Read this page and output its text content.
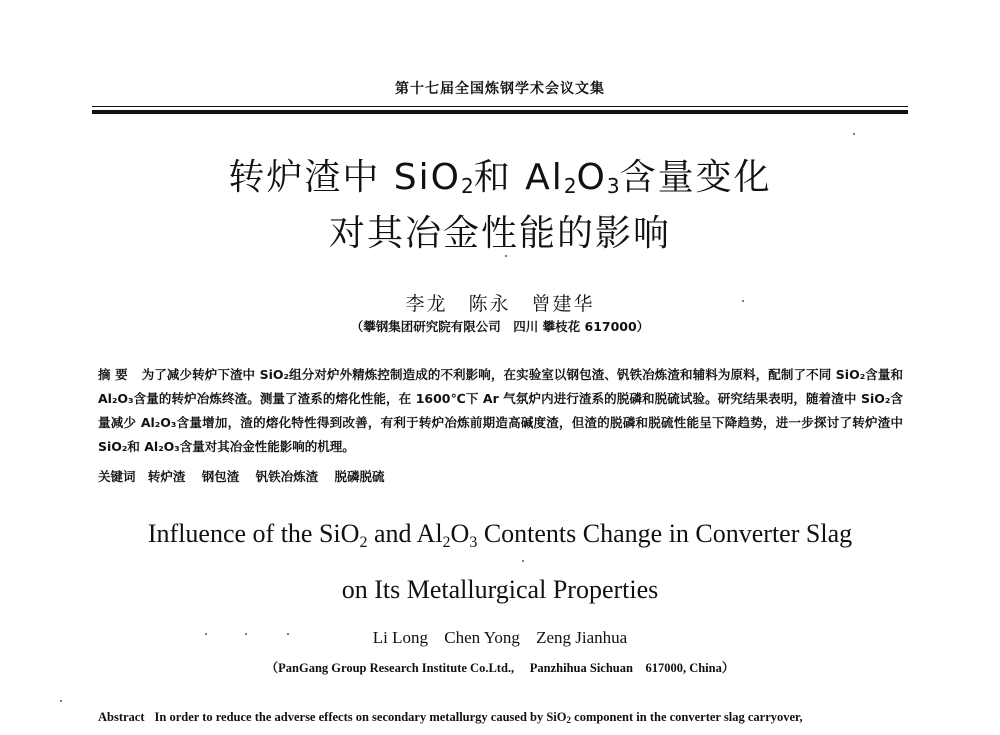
第十七届全国炼钢学术会议文集
转炉渣中 SiO$_2$和 $Al_2O_3$含量变化
对其冶金性能的影响
李龙　陈永　曾建华
（攀钢集团研究院有限公司　四川 攀枝花 617000）
摘 要 为了减少转炉下渣中 SiO₂组分对炉外精炼控制造成的不利影响，在实验室以钢包渣、钒铁冶炼渣和辅料为原料，配制了不同 SiO₂含量和 Al₂O₃含量的转炉冶炼终渣。测量了渣系的熔化性能，在 1600℃下 Ar 气氛炉内进行渣系的脱磷和脱硫试验。研究结果表明，随着渣中 SiO₂含量减少 Al₂O₃含量增加，渣的熔化特性得到改善，有利于转炉冶炼前期造高碱度渣，但渣的脱磷和脱硫性能呈下降趋势，进一步探讨了转炉渣中 SiO₂和 Al₂O₃含量对其冶金性能影响的机理。
关键词 转炉渣 钢包渣 钒铁冶炼渣 脱磷脱硫
Influence of the SiO$_2$ and $Al_2O_3$ Contents Change in Converter Slag
on Its Metallurgical Properties
Li Long Chen Yong Zeng Jianhua
（PanGang Group Research Institute Co.Ltd.,　 Panzhihua Sichuan　617000, China）
Abstract In order to reduce the adverse effects on secondary metallurgy caused by SiO$_2$ component in the converter slag carryover,
